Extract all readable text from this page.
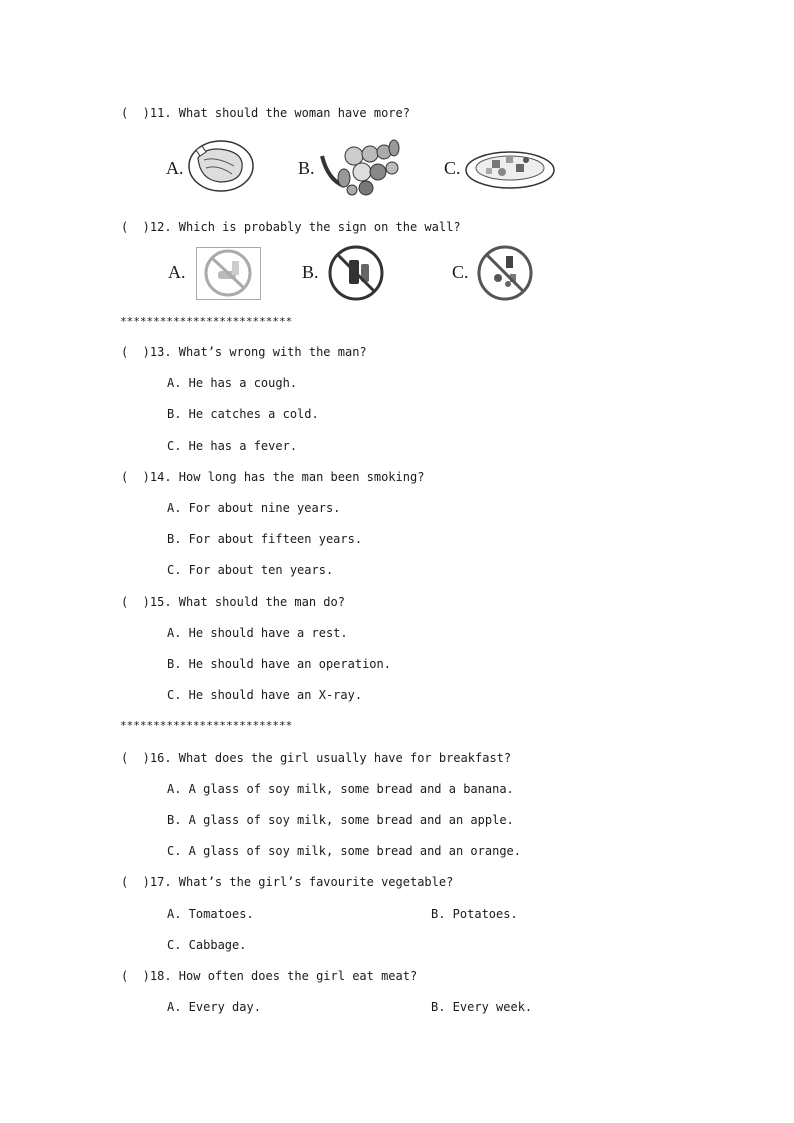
(  )11. What should the woman have more?
A.	B.	C.
(  )12. Which is probably the sign on the wall?
A.	B.	C.
**************************
(  )13. What’s wrong with the man?
A. He has a cough.
B. He catches a cold.
C. He has a fever.
(  )14. How long has the man been smoking?
A. For about nine years.
B. For about fifteen years.
C. For about ten years.
(  )15. What should the man do?
A. He should have a rest.
B. He should have an operation.
C. He should have an X-ray.
**************************
(  )16. What does the girl usually have for breakfast?
A. A glass of soy milk, some bread and a banana.
B. A glass of soy milk, some bread and an apple.
C. A glass of soy milk, some bread and an orange.
(  )17. What’s the girl’s favourite vegetable?
A. Tomatoes.	B. Potatoes.
C. Cabbage.
(  )18. How often does the girl eat meat?
A. Every day.	B. Every week.
